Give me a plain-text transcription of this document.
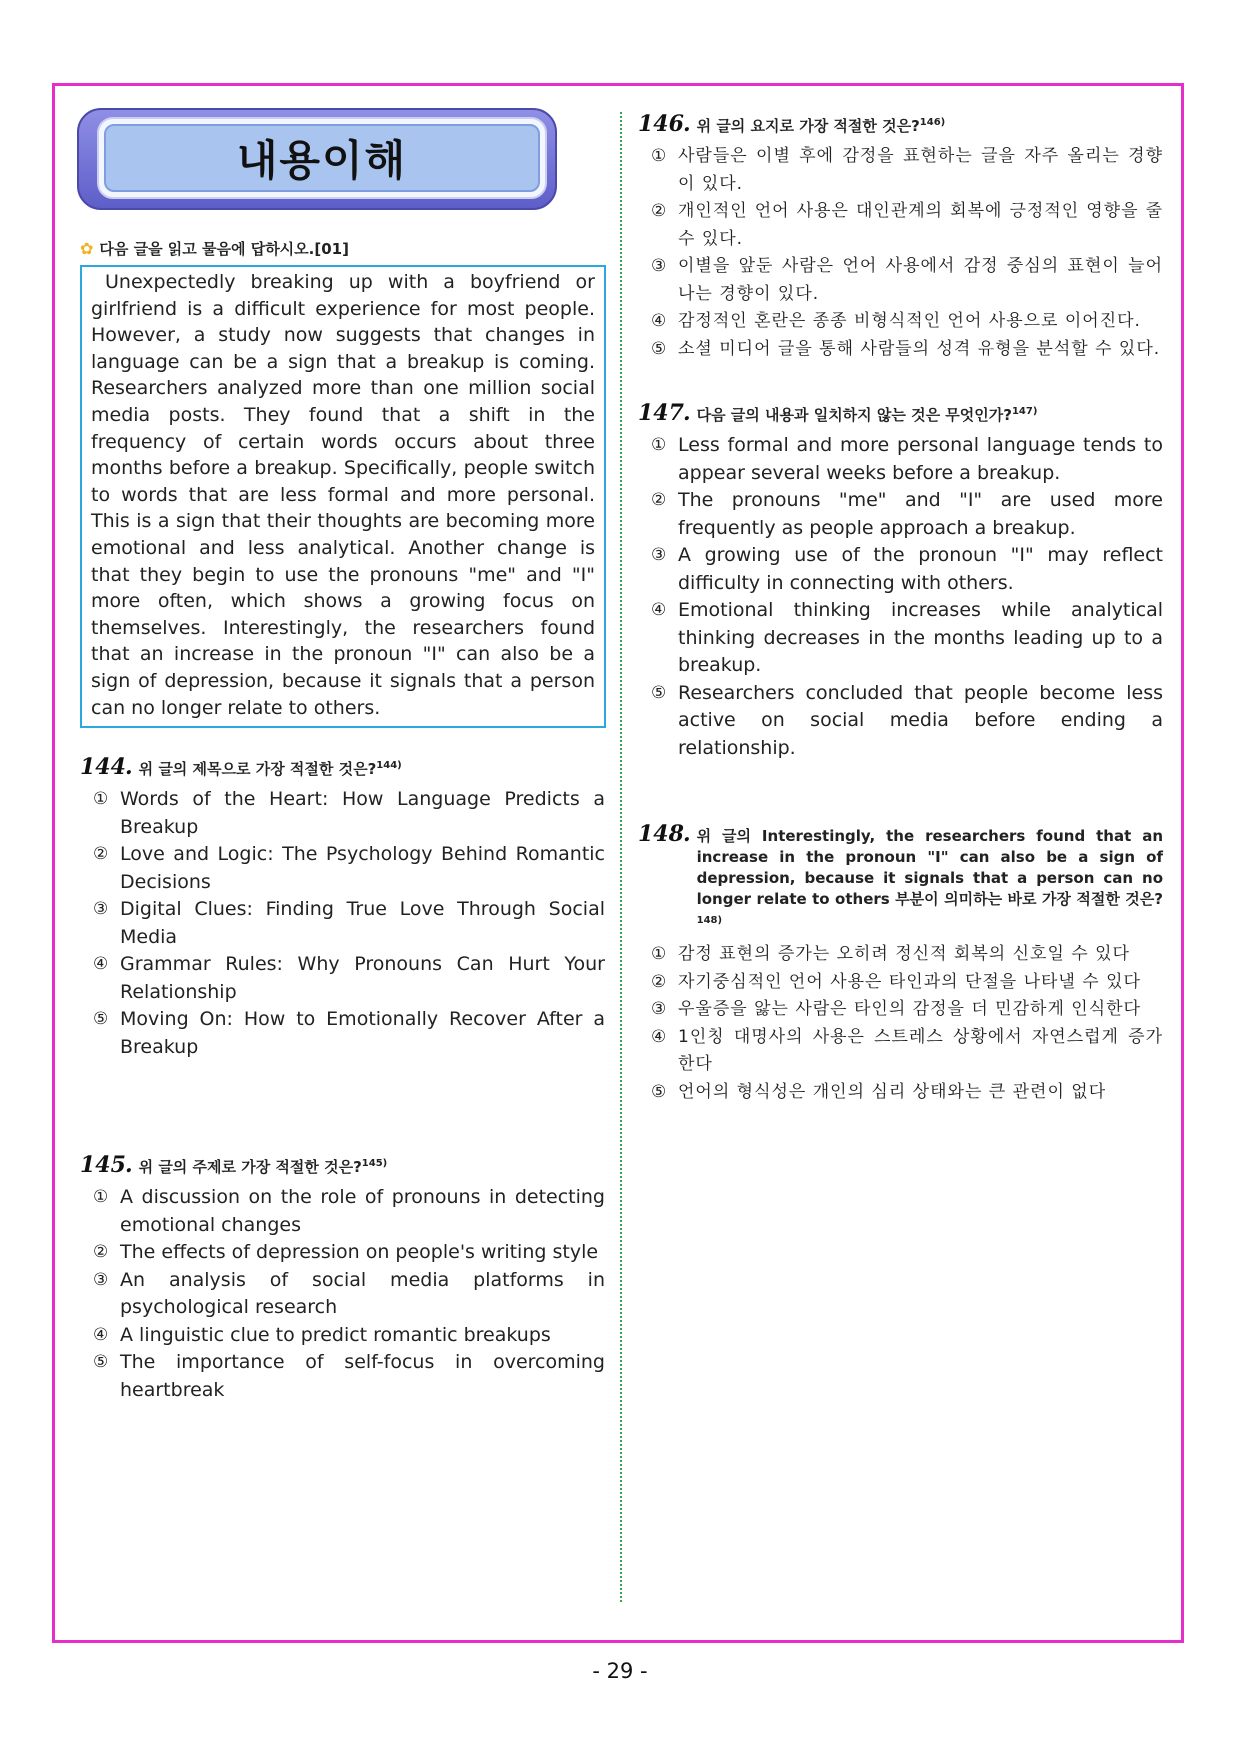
내용이해
✿ 다음 글을 읽고 물음에 답하시오.[01]
Unexpectedly breaking up with a boyfriend or girlfriend is a difficult experience for most people. However, a study now suggests that changes in language can be a sign that a breakup is coming. Researchers analyzed more than one million social media posts. They found that a shift in the frequency of certain words occurs about three months before a breakup. Specifically, people switch to words that are less formal and more personal. This is a sign that their thoughts are becoming more emotional and less analytical. Another change is that they begin to use the pronouns "me" and "I" more often, which shows a growing focus on themselves. Interestingly, the researchers found that an increase in the pronoun "I" can also be a sign of depression, because it signals that a person can no longer relate to others.
144. 위 글의 제목으로 가장 적절한 것은?$^{144)}$
① Words of the Heart: How Language Predicts a Breakup
② Love and Logic: The Psychology Behind Romantic Decisions
③ Digital Clues: Finding True Love Through Social Media
④ Grammar Rules: Why Pronouns Can Hurt Your Relationship
⑤ Moving On: How to Emotionally Recover After a Breakup
145. 위 글의 주제로 가장 적절한 것은?$^{145)}$
① A discussion on the role of pronouns in detecting emotional changes
② The effects of depression on people's writing style
③ An analysis of social media platforms in psychological research
④ A linguistic clue to predict romantic breakups
⑤ The importance of self-focus in overcoming heartbreak
146. 위 글의 요지로 가장 적절한 것은?$^{146)}$
① 사람들은 이별 후에 감정을 표현하는 글을 자주 올리는 경향이 있다.
② 개인적인 언어 사용은 대인관계의 회복에 긍정적인 영향을 줄 수 있다.
③ 이별을 앞둔 사람은 언어 사용에서 감정 중심의 표현이 늘어나는 경향이 있다.
④ 감정적인 혼란은 종종 비형식적인 언어 사용으로 이어진다.
⑤ 소셜 미디어 글을 통해 사람들의 성격 유형을 분석할 수 있다.
147. 다음 글의 내용과 일치하지 않는 것은 무엇인가?$^{147)}$
① Less formal and more personal language tends to appear several weeks before a breakup.
② The pronouns "me" and "I" are used more frequently as people approach a breakup.
③ A growing use of the pronoun "I" may reflect difficulty in connecting with others.
④ Emotional thinking increases while analytical thinking decreases in the months leading up to a breakup.
⑤ Researchers concluded that people become less active on social media before ending a relationship.
148. 위 글의 Interestingly, the researchers found that an increase in the pronoun "I" can also be a sign of depression, because it signals that a person can no longer relate to others 부분이 의미하는 바로 가장 적절한 것은?$^{148)}$
① 감정 표현의 증가는 오히려 정신적 회복의 신호일 수 있다
② 자기중심적인 언어 사용은 타인과의 단절을 나타낼 수 있다
③ 우울증을 앓는 사람은 타인의 감정을 더 민감하게 인식한다
④ 1인칭 대명사의 사용은 스트레스 상황에서 자연스럽게 증가한다
⑤ 언어의 형식성은 개인의 심리 상태와는 큰 관련이 없다
- 29 -
